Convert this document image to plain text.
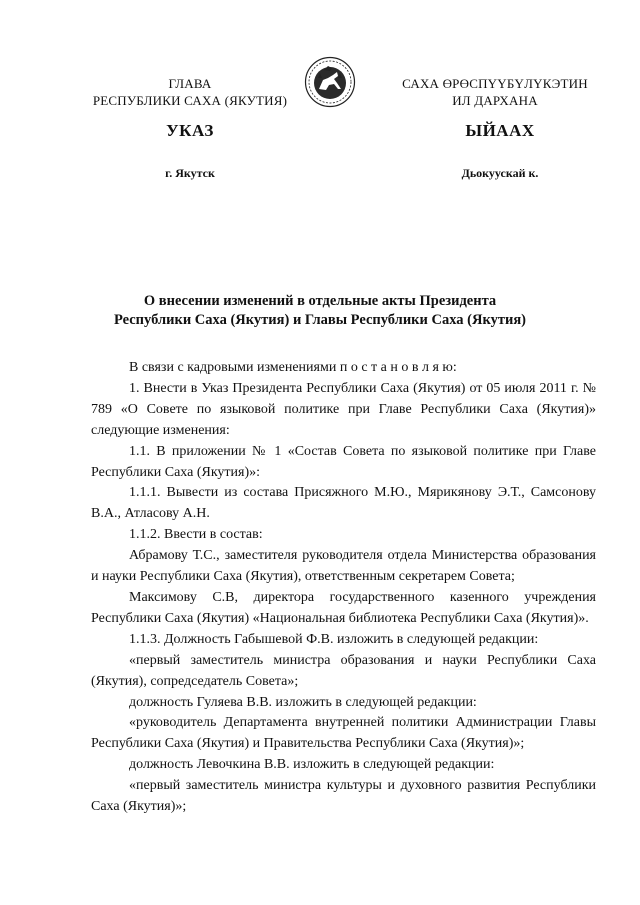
ГЛАВА
РЕСПУБЛИКИ САХА (ЯКУТИЯ)
САХА ӨРӨСПҮҮБҮЛҮКЭТИН
ИЛ ДАРХАНА
УКАЗ	ЫЙААХ
г. Якутск	Дьокуускай к.
О внесении изменений в отдельные акты Президента
Республики Саха (Якутия) и Главы Республики Саха (Якутия)

В связи с кадровыми изменениями п о с т а н о в л я ю:

1. Внести в Указ Президента Республики Саха (Якутия) от 05 июля 2011 г. № 789 «О Совете по языковой политике при Главе Республики Саха (Якутия)» следующие изменения:

1.1. В приложении № 1 «Состав Совета по языковой политике при Главе Республики Саха (Якутия)»:

1.1.1. Вывести из состава Присяжного М.Ю., Мярикянову Э.Т., Самсонову В.А., Атласову А.Н.

1.1.2. Ввести в состав:

Абрамову Т.С., заместителя руководителя отдела Министерства образования и науки Республики Саха (Якутия), ответственным секретарем Совета;

Максимову С.В, директора государственного казенного учреждения Республики Саха (Якутия) «Национальная библиотека Республики Саха (Якутия)».

1.1.3. Должность Габышевой Ф.В. изложить в следующей редакции:

«первый заместитель министра образования и науки Республики Саха (Якутия), сопредседатель Совета»;

должность Гуляева В.В. изложить в следующей редакции:

«руководитель Департамента внутренней политики Администрации Главы Республики Саха (Якутия) и Правительства Республики Саха (Якутия)»;

должность Левочкина В.В. изложить в следующей редакции:

«первый заместитель министра культуры и духовного развития Республики Саха (Якутия)»;
